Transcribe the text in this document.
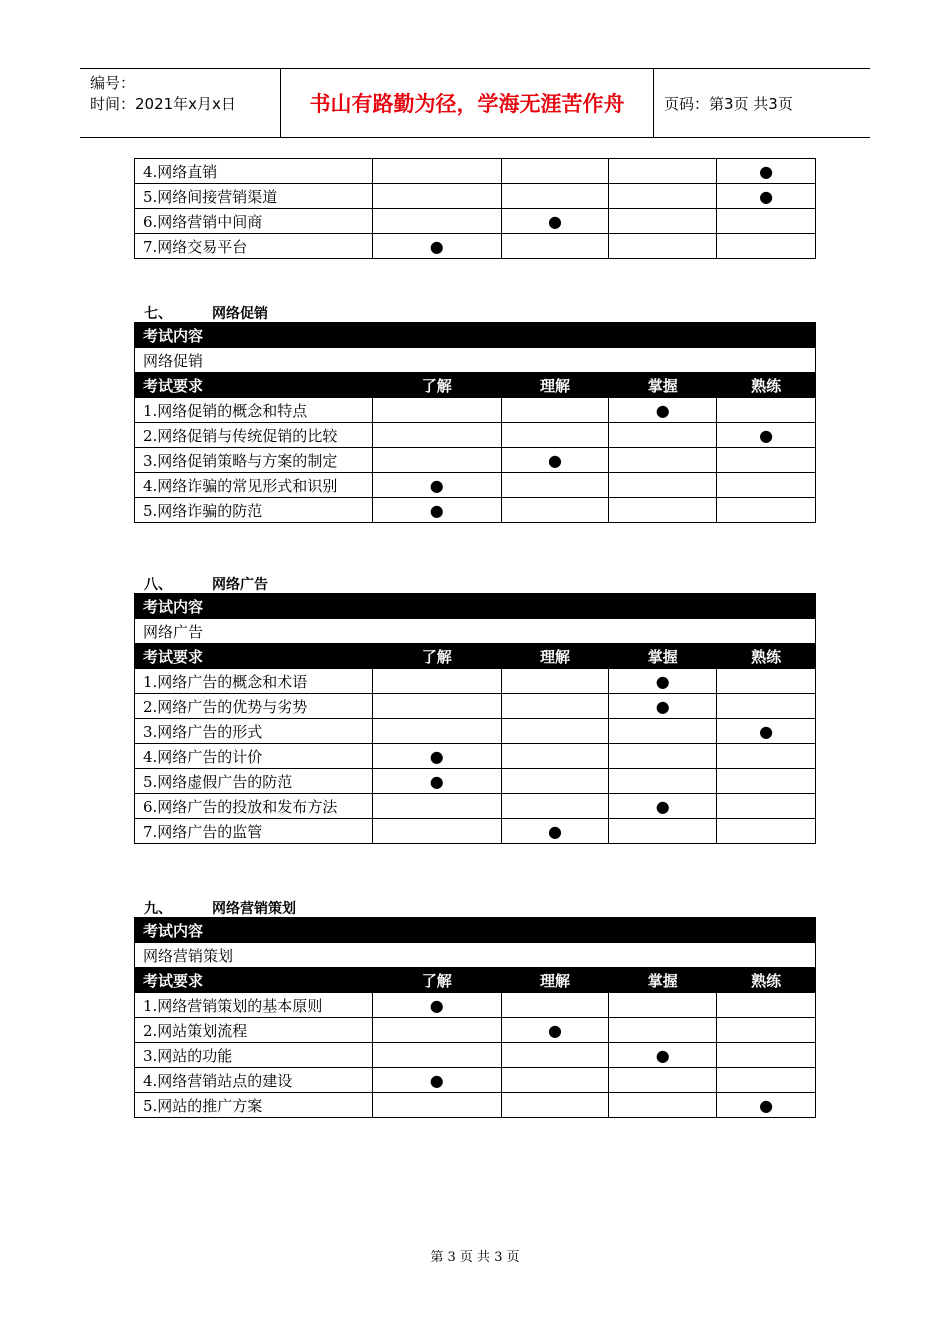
编号：
时间：2021年x月x日	书山有路勤为径，学海无涯苦作舟	页码：第3页 共3页
4.网络直销				●
5.网络间接营销渠道				●
6.网络营销中间商		●		
7.网络交易平台	●			
七、	网络促销
考试内容				
网络促销				
考试要求	了解	理解	掌握	熟练
1.网络促销的概念和特点			●	
2.网络促销与传统促销的比较				●
3.网络促销策略与方案的制定		●		
4.网络诈骗的常见形式和识别	●			
5.网络诈骗的防范	●			
八、	网络广告
考试内容				
网络广告				
考试要求	了解	理解	掌握	熟练
1.网络广告的概念和术语			●	
2.网络广告的优势与劣势			●	
3.网络广告的形式				●
4.网络广告的计价	●			
5.网络虚假广告的防范	●			
6.网络广告的投放和发布方法			●	
7.网络广告的监管		●		
九、	网络营销策划
考试内容				
网络营销策划				
考试要求	了解	理解	掌握	熟练
1.网络营销策划的基本原则	●			
2.网站策划流程		●		
3.网站的功能			●	
4.网络营销站点的建设	●			
5.网站的推广方案				●
第 3 页 共 3 页
